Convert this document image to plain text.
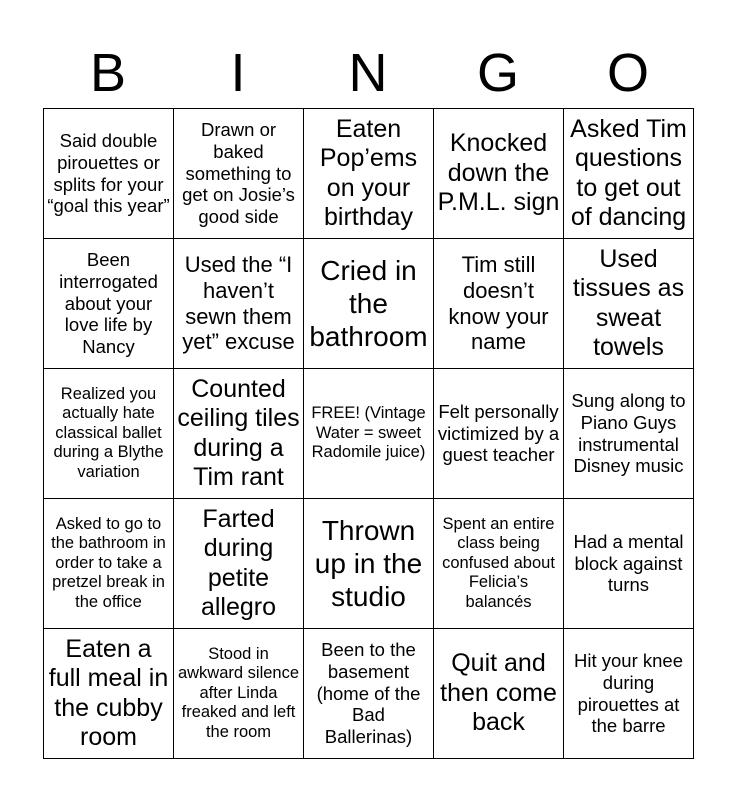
B	I	N	G	O
Said double pirouettes or splits for your “goal this year”	Drawn or baked something to get on Josie’s good side	Eaten Pop’ems on your birthday	Knocked down the P.M.L. sign	Asked Tim questions to get out of dancing
Been interrogated about your love life by Nancy	Used the “I haven’t sewn them yet” excuse	Cried in the bathroom	Tim still doesn’t know your name	Used tissues as sweat towels
Realized you actually hate classical ballet during a Blythe variation	Counted ceiling tiles during a Tim rant	FREE! (Vintage Water = sweet Radomile juice)	Felt personally victimized by a guest teacher	Sung along to Piano Guys instrumental Disney music
Asked to go to the bathroom in order to take a pretzel break in the office	Farted during petite allegro	Thrown up in the studio	Spent an entire class being confused about Felicia’s balancés	Had a mental block against turns
Eaten a full meal in the cubby room	Stood in awkward silence after Linda freaked and left the room	Been to the basement (home of the Bad Ballerinas)	Quit and then come back	Hit your knee during pirouettes at the barre
